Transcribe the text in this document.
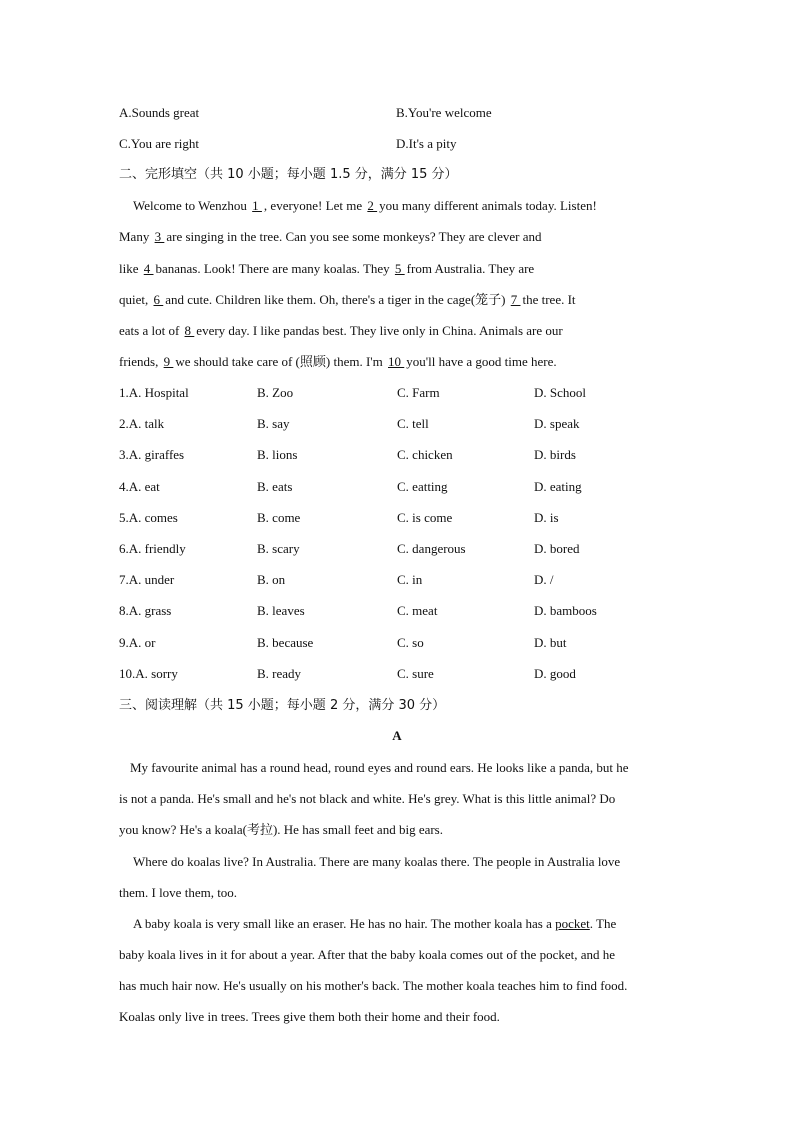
A.Sounds great	B.You're welcome
C.You are right	D.It's a pity
二、完形填空（共 10 小题；每小题 1.5 分，满分 15 分）
Welcome to Wenzhou 1 , everyone! Let me 2 you many different animals today. Listen!
Many 3 are singing in the tree. Can you see some monkeys? They are clever and
like 4 bananas. Look! There are many koalas. They 5 from Australia. They are
quiet, 6 and cute. Children like them. Oh, there's a tiger in the cage(笼子) 7 the tree. It
eats a lot of 8 every day. I like pandas best. They live only in China. Animals are our
friends, 9 we should take care of (照顾) them. I'm 10 you'll have a good time here.
1.A. Hospital	B. Zoo	C. Farm	D. School
2.A. talk	B. say	C. tell	D. speak
3.A. giraffes	B. lions	C. chicken	D. birds
4.A. eat	B. eats	C. eatting	D. eating
5.A. comes	B. come	C. is come	D. is
6.A. friendly	B. scary	C. dangerous	D. bored
7.A. under	B. on	C. in	D. /
8.A. grass	B. leaves	C. meat	D. bamboos
9.A. or	B. because	C. so	D. but
10.A. sorry	B. ready	C. sure	D. good
三、阅读理解（共 15 小题；每小题 2 分，满分 30 分）
A
My favourite animal has a round head, round eyes and round ears. He looks like a panda, but he
is not a panda. He's small and he's not black and white. He's grey. What is this little animal? Do
you know? He's a koala(考拉). He has small feet and big ears.
Where do koalas live? In Australia. There are many koalas there. The people in Australia love
them. I love them, too.
A baby koala is very small like an eraser. He has no hair. The mother koala has a pocket. The
baby koala lives in it for about a year. After that the baby koala comes out of the pocket, and he
has much hair now. He's usually on his mother's back. The mother koala teaches him to find food.
Koalas only live in trees. Trees give them both their home and their food.
